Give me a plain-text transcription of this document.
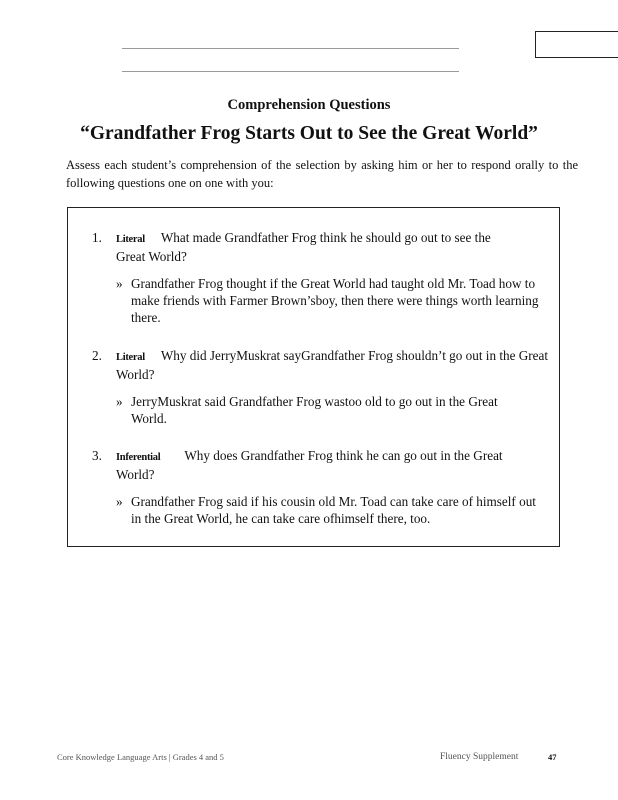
Comprehension Questions
“Grandfather Frog Starts Out to See the Great World”
Assess each student’s comprehension of the selection by asking him or her to respond orally to the following questions one on one with you:
1. Literal What made Grandfather Frog think he should go out to see the Great World?
» Grandfather Frog thought if the Great World had taught old Mr. Toad how to make friends with Farmer Brown’sboy, then there were things worth learning there.
2. Literal Why did JerryMuskrat sayGrandfather Frog shouldn’t go out in the Great World?
» JerryMuskrat said Grandfather Frog wastoo old to go out in the Great World.
3. Inferential Why does Grandfather Frog think he can go out in the Great World?
» Grandfather Frog said if his cousin old Mr. Toad can take care of himself out in the Great World, he can take care ofhimself there, too.
Core Knowledge Language Arts | Grades 4 and 5	Fluency Supplement	47
